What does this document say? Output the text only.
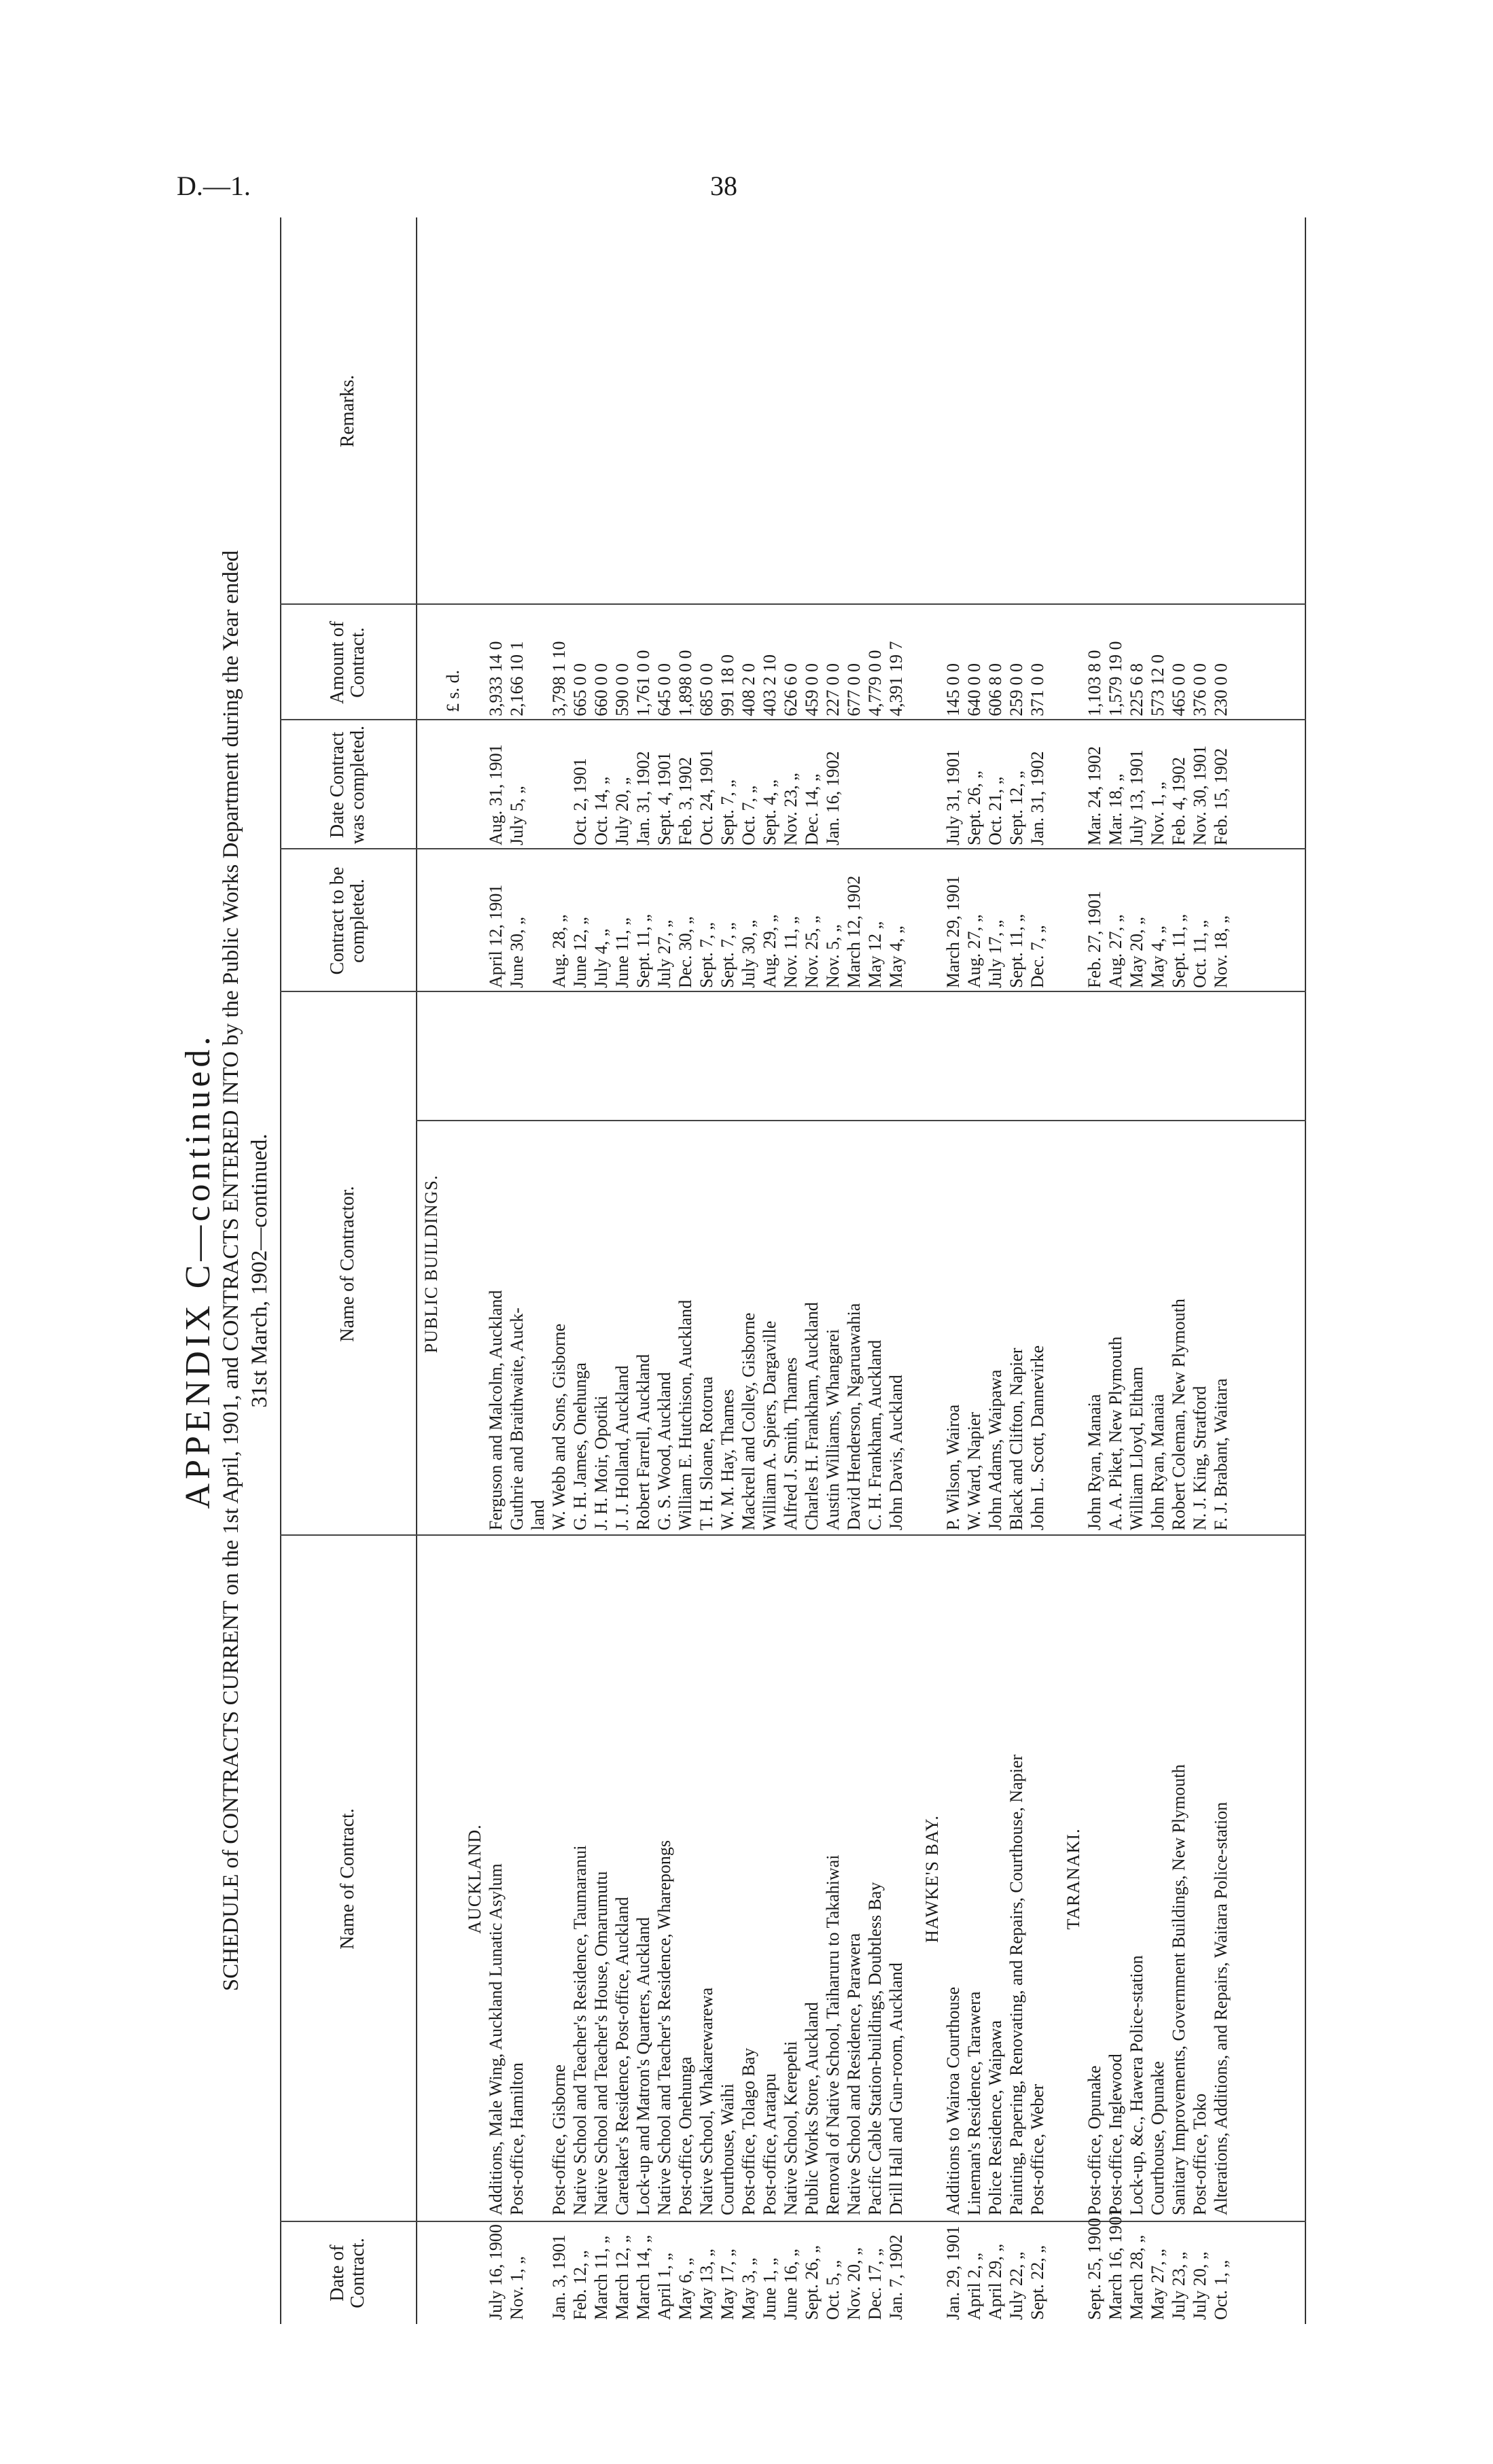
D.—1.	38
APPENDIX C—continued. SCHEDULE of CONTRACTS CURRENT on the 1st April, 1901, and CONTRACTS ENTERED INTO by the Public Works Department during the Year ended 31st March, 1902—continued.
Date of Contract.
Name of Contract.
Name of Contractor.
Contract to be completed.
Date Contract was completed.
Amount of Contract.
Remarks.
PUBLIC BUILDINGS.
£ s. d.
AUCKLAND.
July 16, 1900
Additions, Male Wing, Auckland Lunatic Asylum
Ferguson and Malcolm, Auckland
April 12, 1901
Aug. 31, 1901
3,933 14 0
Nov. 1, „
Post-office, Hamilton
Guthrie and Braithwaite, Auck-
June 30, „
July 5, „
2,166 10 1
land
Jan. 3, 1901
Post-office, Gisborne
W. Webb and Sons, Gisborne
Aug. 28, „
3,798 1 10
Feb. 12, „
Native School and Teacher's Residence, Taumaranui
G. H. James, Onehunga
June 12, „
Oct. 2, 1901
665 0 0
March 11, „
Native School and Teacher's House, Omarumutu
J. H. Moir, Opotiki
July 4, „
Oct. 14, „
660 0 0
March 12, „
Caretaker's Residence, Post-office, Auckland
J. J. Holland, Auckland
June 11, „
July 20, „
590 0 0
March 14, „
Lock-up and Matron's Quarters, Auckland
Robert Farrell, Auckland
Sept. 11, „
Jan. 31, 1902
1,761 0 0
April 1, „
Native School and Teacher's Residence, Wharepongs
G. S. Wood, Auckland
July 27, „
Sept. 4, 1901
645 0 0
May 6, „
Post-office, Onehunga
William E. Hutchison, Auckland
Dec. 30, „
Feb. 3, 1902
1,898 0 0
May 13, „
Native School, Whakarewarewa
T. H. Sloane, Rotorua
Sept. 7, „
Oct. 24, 1901
685 0 0
May 17, „
Courthouse, Waihi
W. M. Hay, Thames
Sept. 7, „
Sept. 7, „
991 18 0
May 3, „
Post-office, Tolago Bay
Mackrell and Colley, Gisborne
July 30, „
Oct. 7, „
408 2 0
June 1, „
Post-office, Aratapu
William A. Spiers, Dargaville
Aug. 29, „
Sept. 4, „
403 2 10
June 16, „
Native School, Kerepehi
Alfred J. Smith, Thames
Nov. 11, „
Nov. 23, „
626 6 0
Sept. 26, „
Public Works Store, Auckland
Charles H. Frankham, Auckland
Nov. 25, „
Dec. 14, „
459 0 0
Oct. 5, „
Removal of Native School, Taiharuru to Takahiwai
Austin Williams, Whangarei
Nov. 5, „
Jan. 16, 1902
227 0 0
Nov. 20, „
Native School and Residence, Parawera
David Henderson, Ngaruawahia
March 12, 1902
677 0 0
Dec. 17, „
Pacific Cable Station-buildings, Doubtless Bay
C. H. Frankham, Auckland
May 12 „
4,779 0 0
Jan. 7, 1902
Drill Hall and Gun-room, Auckland
John Davis, Auckland
May 4, „
4,391 19 7
HAWKE'S BAY.
Jan. 29, 1901
Additions to Wairoa Courthouse
P. Wilson, Wairoa
March 29, 1901
July 31, 1901
145 0 0
April 2, „
Lineman's Residence, Tarawera
W. Ward, Napier
Aug. 27, „
Sept. 26, „
640 0 0
April 29, „
Police Residence, Waipawa
John Adams, Waipawa
July 17, „
Oct. 21, „
606 8 0
July 22, „
Painting, Papering, Renovating, and Repairs, Courthouse, Napier
Black and Clifton, Napier
Sept. 11, „
Sept. 12, „
259 0 0
Sept. 22, „
Post-office, Weber
John L. Scott, Dannevirke
Dec. 7, „
Jan. 31, 1902
371 0 0
TARANAKI.
Sept. 25, 1900
Post-office, Opunake
John Ryan, Manaia
Feb. 27, 1901
Mar. 24, 1902
1,103 8 0
March 16, 1901
Post-office, Inglewood
A. A. Piket, New Plymouth
Aug. 27, „
Mar. 18, „
1,579 19 0
March 28, „
Lock-up, &c., Hawera Police-station
William Lloyd, Eltham
May 20, „
July 13, 1901
225 6 8
May 27, „
Courthouse, Opunake
John Ryan, Manaia
May 4, „
Nov. 1, „
573 12 0
July 23, „
Sanitary Improvements, Government Buildings, New Plymouth
Robert Coleman, New Plymouth
Sept. 11, „
Feb. 4, 1902
465 0 0
July 20, „
Post-office, Toko
N. J. King, Stratford
Oct. 11, „
Nov. 30, 1901
376 0 0
Oct. 1, „
Alterations, Additions, and Repairs, Waitara Police-station
F. J. Brabant, Waitara
Nov. 18, „
Feb. 15, 1902
230 0 0
